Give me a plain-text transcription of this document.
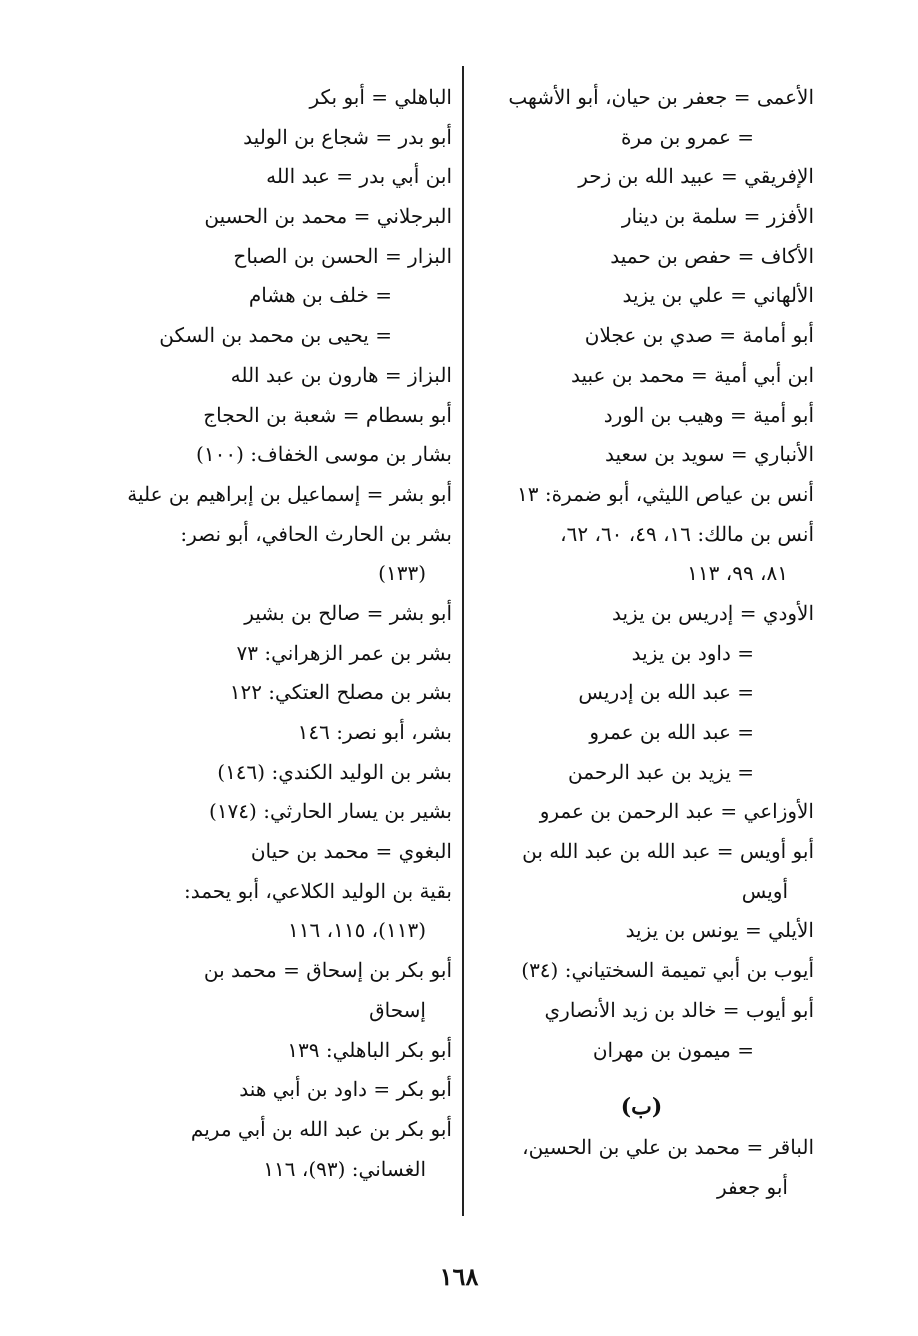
الأعمى = جعفر بن حيان، أبو الأشهب
= عمرو بن مرة
الإفريقي = عبيد الله بن زحر
الأفزر = سلمة بن دينار
الأكاف = حفص بن حميد
الألهاني = علي بن يزيد
أبو أمامة = صدي بن عجلان
ابن أبي أمية = محمد بن عبيد
أبو أمية = وهيب بن الورد
الأنباري = سويد بن سعيد
أنس بن عياص الليثي، أبو ضمرة: ١٣
أنس بن مالك: ١٦، ٤٩، ٦٠، ٦٢،
٨١، ٩٩، ١١٣
الأودي = إدريس بن يزيد
= داود بن يزيد
= عبد الله بن إدريس
= عبد الله بن عمرو
= يزيد بن عبد الرحمن
الأوزاعي = عبد الرحمن بن عمرو
أبو أويس = عبد الله بن عبد الله بن
أويس
الأيلي = يونس بن يزيد
أيوب بن أبي تميمة السختياني: (٣٤)
أبو أيوب = خالد بن زيد الأنصاري
= ميمون بن مهران
(ب)
الباقر = محمد بن علي بن الحسين،
أبو جعفر
الباهلي = أبو بكر
أبو بدر = شجاع بن الوليد
ابن أبي بدر = عبد الله
البرجلاني = محمد بن الحسين
البزار = الحسن بن الصباح
= خلف بن هشام
= يحيى بن محمد بن السكن
البزاز = هارون بن عبد الله
أبو بسطام = شعبة بن الحجاج
بشار بن موسى الخفاف: (١٠٠)
أبو بشر = إسماعيل بن إبراهيم بن علية
بشر بن الحارث الحافي، أبو نصر:
(١٣٣)
أبو بشر = صالح بن بشير
بشر بن عمر الزهراني: ٧٣
بشر بن مصلح العتكي: ١٢٢
بشر، أبو نصر: ١٤٦
بشر بن الوليد الكندي: (١٤٦)
بشير بن يسار الحارثي: (١٧٤)
البغوي = محمد بن حيان
بقية بن الوليد الكلاعي، أبو يحمد:
(١١٣)، ١١٥، ١١٦
أبو بكر بن إسحاق = محمد بن
إسحاق
أبو بكر الباهلي: ١٣٩
أبو بكر = داود بن أبي هند
أبو بكر بن عبد الله بن أبي مريم
الغساني: (٩٣)، ١١٦
١٦٨
